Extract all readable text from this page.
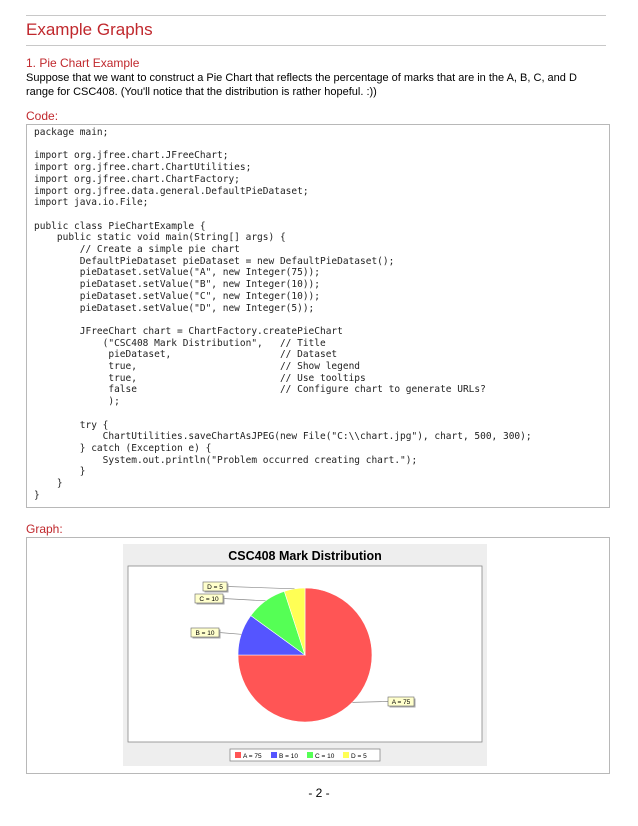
Example Graphs
1. Pie Chart Example
Suppose that we want to construct a Pie Chart that reflects the percentage of marks that are in the A, B, C, and D range for CSC408. (You'll notice that the distribution is rather hopeful. :))
Code:
package main;

import org.jfree.chart.JFreeChart;
import org.jfree.chart.ChartUtilities;
import org.jfree.chart.ChartFactory;
import org.jfree.data.general.DefaultPieDataset;
import java.io.File;

public class PieChartExample {
public static void main(String[] args) {
// Create a simple pie chart
DefaultPieDataset pieDataset = new DefaultPieDataset();
pieDataset.setValue("A", new Integer(75));
pieDataset.setValue("B", new Integer(10));
pieDataset.setValue("C", new Integer(10));
pieDataset.setValue("D", new Integer(5));

JFreeChart chart = ChartFactory.createPieChart
("CSC408 Mark Distribution",   // Title
pieDataset,                   // Dataset
true,                         // Show legend
true,                         // Use tooltips
false                         // Configure chart to generate URLs?
);

try {
ChartUtilities.saveChartAsJPEG(new File("C:\\chart.jpg"), chart, 500, 300);
} catch (Exception e) {
System.out.println("Problem occurred creating chart.");
}
}
}
Graph:
CSC408 Mark Distribution
A = 75
B = 10
C = 10
D = 5
A = 75	B = 10	C = 10	D = 5
- 2 -
